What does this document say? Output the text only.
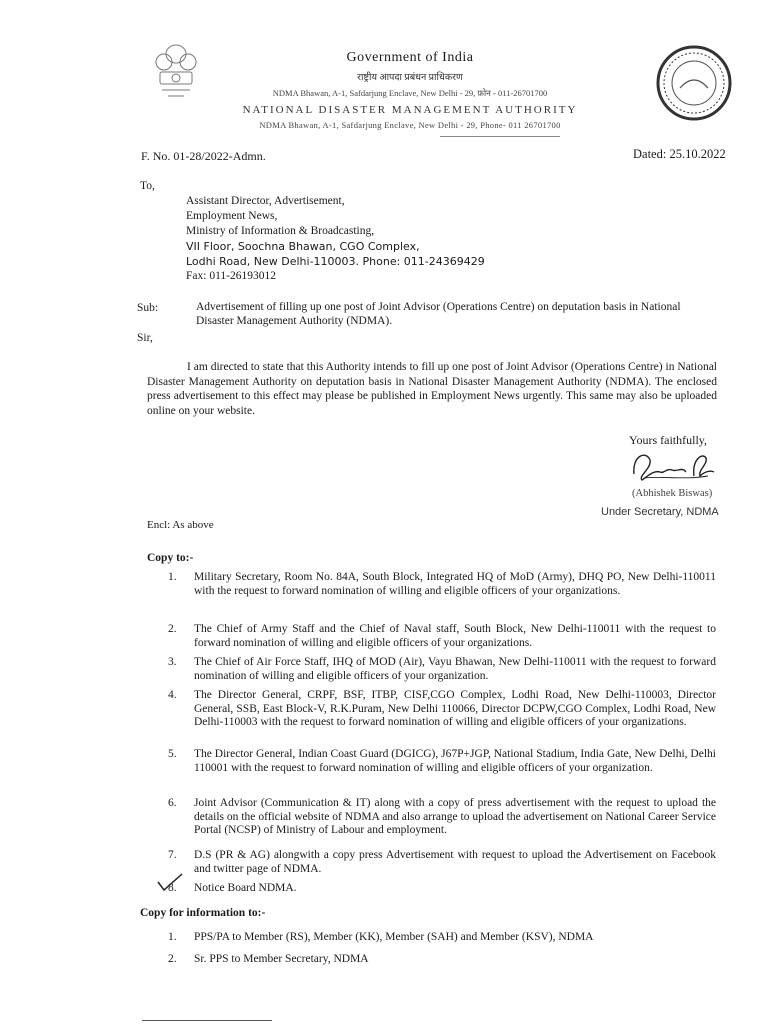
Government of India
राष्ट्रीय आपदा प्रबंधन प्राधिकरण
NDMA Bhawan, A-1, Safdarjung Enclave, New Delhi - 29, फ़ोन - 011-26701700
NATIONAL DISASTER MANAGEMENT AUTHORITY
NDMA Bhawan, A-1, Safdarjung Enclave, New Delhi - 29, Phone- 011 26701700
F. No. 01-28/2022-Admn.	Dated: 25.10.2022
To,
Assistant Director, Advertisement,
Employment News,
Ministry of Information & Broadcasting,
VII Floor, Soochna Bhawan, CGO Complex,
Lodhi Road, New Delhi-110003. Phone: 011-24369429
Fax: 011-26193012
Sub:	Advertisement of filling up one post of Joint Advisor (Operations Centre) on deputation basis in National Disaster Management Authority (NDMA).
Sir,
I am directed to state that this Authority intends to fill up one post of Joint Advisor (Operations Centre) in National Disaster Management Authority on deputation basis in National Disaster Management Authority (NDMA). The enclosed press advertisement to this effect may please be published in Employment News urgently. This same may also be uploaded online on your website.
Yours faithfully,
(Abhishek Biswas)
Under Secretary, NDMA
Encl: As above
Copy to:-
1.	Military Secretary, Room No. 84A, South Block, Integrated HQ of MoD (Army), DHQ PO, New Delhi-110011 with the request to forward nomination of willing and eligible officers of your organizations.
2.	The Chief of Army Staff and the Chief of Naval staff, South Block, New Delhi-110011 with the request to forward nomination of willing and eligible officers of your organizations.
3.	The Chief of Air Force Staff, IHQ of MOD (Air), Vayu Bhawan, New Delhi-110011 with the request to forward nomination of willing and eligible officers of your organization.
4.	The Director General, CRPF, BSF, ITBP, CISF,CGO Complex, Lodhi Road, New Delhi-110003, Director General, SSB, East Block-V, R.K.Puram, New Delhi 110066, Director DCPW,CGO Complex, Lodhi Road, New Delhi-110003 with the request to forward nomination of willing and eligible officers of your organizations.
5.	The Director General, Indian Coast Guard (DGICG), J67P+JGP, National Stadium, India Gate, New Delhi, Delhi 110001 with the request to forward nomination of willing and eligible officers of your organization.
6.	Joint Advisor (Communication & IT) along with a copy of press advertisement with the request to upload the details on the official website of NDMA and also arrange to upload the advertisement on National Career Service Portal (NCSP) of Ministry of Labour and employment.
7.	D.S (PR & AG) alongwith a copy press Advertisement with request to upload the Advertisement on Facebook and twitter page of NDMA.
8.	Notice Board NDMA.
Copy for information to:-
1.	PPS/PA to Member (RS), Member (KK), Member (SAH) and Member (KSV), NDMA
2.	Sr. PPS to Member Secretary, NDMA
